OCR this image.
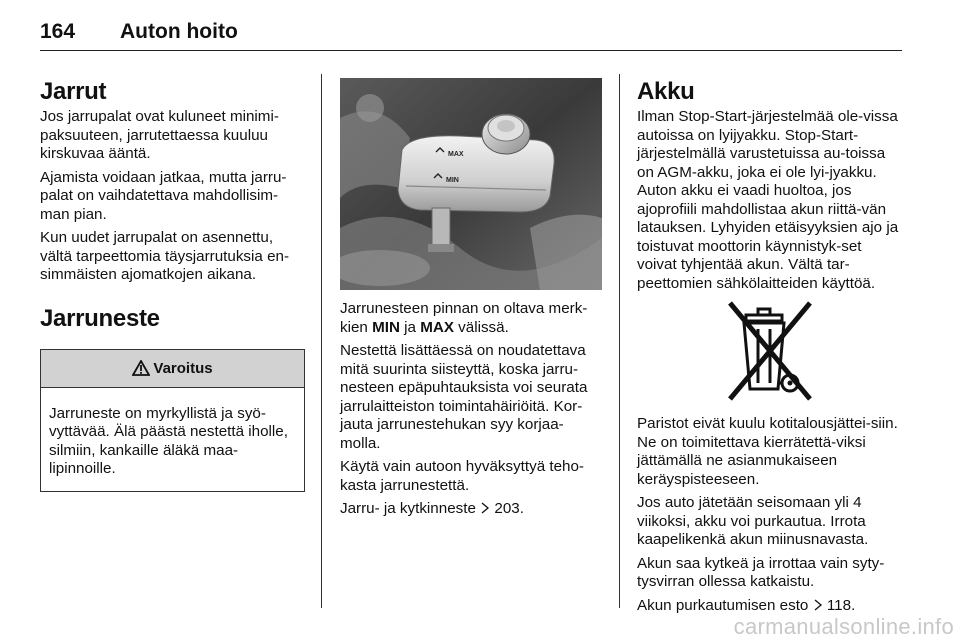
164 Auton hoito
Jarrut

Jos jarrupalat ovat kuluneet minimi-paksuuteen, jarrutettaessa kuuluu kirskuvaa ääntä.

Ajamista voidaan jatkaa, mutta jarru-palat on vaihdatettava mahdollisim-man pian.

Kun uudet jarrupalat on asennettu, vältä tarpeettomia täysjarrutuksia en-simmäisten ajomatkojen aikana.

Jarruneste
Varoitus
Jarruneste on myrkyllistä ja syö-vyttävää. Älä päästä nestettä iholle, silmiin, kankaille äläkä maa-lipinnoille.
MAX
MIN

Jarrunesteen pinnan on oltava merk-kien MIN ja MAX välissä.

Nestettä lisättäessä on noudatettava mitä suurinta siisteyttä, koska jarru-nesteen epäpuhtauksista voi seurata jarrulaitteiston toimintahäiriöitä. Kor-jauta jarrunestehukan syy korjaa-molla.

Käytä vain autoon hyväksyttyä teho-kasta jarrunestettä.

Jarru- ja kytkinneste 203.

Akku

Ilman Stop-Start-järjestelmää ole-vissa autoissa on lyijyakku. Stop-Start-järjestelmällä varustetuissa au-toissa on AGM-akku, joka ei ole lyi-jyakku. Auton akku ei vaadi huoltoa, jos ajoprofiili mahdollistaa akun riittä-vän latauksen. Lyhyiden etäisyyksien ajo ja toistuvat moottorin käynnistyk-set voivat tyhjentää akun. Vältä tar-peettomien sähkölaitteiden käyttöä.

Paristot eivät kuulu kotitalousjättei-siin. Ne on toimitettava kierrätettä-viksi jättämällä ne asianmukaiseen keräyspisteeseen.

Jos auto jätetään seisomaan yli 4 viikoksi, akku voi purkautua. Irrota kaapelikenkä akun miinusnavasta.

Akun saa kytkeä ja irrottaa vain syty-tysvirran ollessa katkaistu.

Akun purkautumisen esto 118.

carmanualsonline.info
